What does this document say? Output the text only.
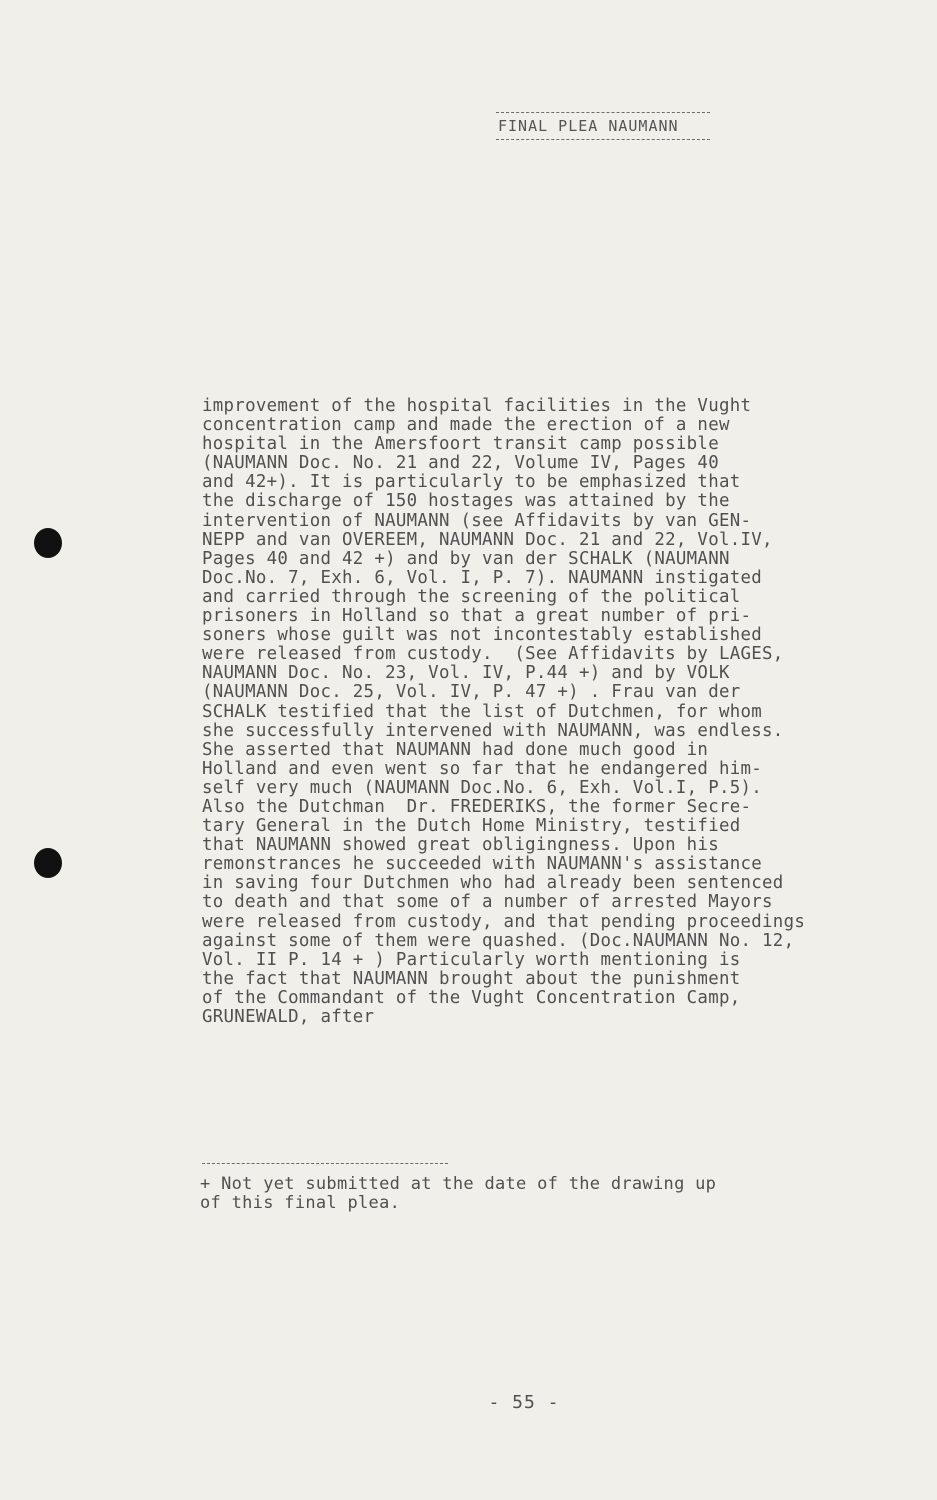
FINAL PLEA NAUMANN
improvement of the hospital facilities in the Vught
concentration camp and made the erection of a new
hospital in the Amersfoort transit camp possible
(NAUMANN Doc. No. 21 and 22, Volume IV, Pages 40
and 42+). It is particularly to be emphasized that
the discharge of 150 hostages was attained by the
intervention of NAUMANN (see Affidavits by van GEN-
NEPP and van OVEREEM, NAUMANN Doc. 21 and 22, Vol.IV,
Pages 40 and 42 +) and by van der SCHALK (NAUMANN
Doc.No. 7, Exh. 6, Vol. I, P. 7). NAUMANN instigated
and carried through the screening of the political
prisoners in Holland so that a great number of pri-
soners whose guilt was not incontestably established
were released from custody.  (See Affidavits by LAGES,
NAUMANN Doc. No. 23, Vol. IV, P.44 +) and by VOLK
(NAUMANN Doc. 25, Vol. IV, P. 47 +) . Frau van der
SCHALK testified that the list of Dutchmen, for whom
she successfully intervened with NAUMANN, was endless.
She asserted that NAUMANN had done much good in
Holland and even went so far that he endangered him-
self very much (NAUMANN Doc.No. 6, Exh. Vol.I, P.5).
Also the Dutchman  Dr. FREDERIKS, the former Secre-
tary General in the Dutch Home Ministry, testified
that NAUMANN showed great obligingness. Upon his
remonstrances he succeeded with NAUMANN's assistance
in saving four Dutchmen who had already been sentenced
to death and that some of a number of arrested Mayors
were released from custody, and that pending proceedings
against some of them were quashed. (Doc.NAUMANN No. 12,
Vol. II P. 14 + ) Particularly worth mentioning is
the fact that NAUMANN brought about the punishment
of the Commandant of the Vught Concentration Camp,
GRUNEWALD, after
+ Not yet submitted at the date of the drawing up
of this final plea.
- 55 -
